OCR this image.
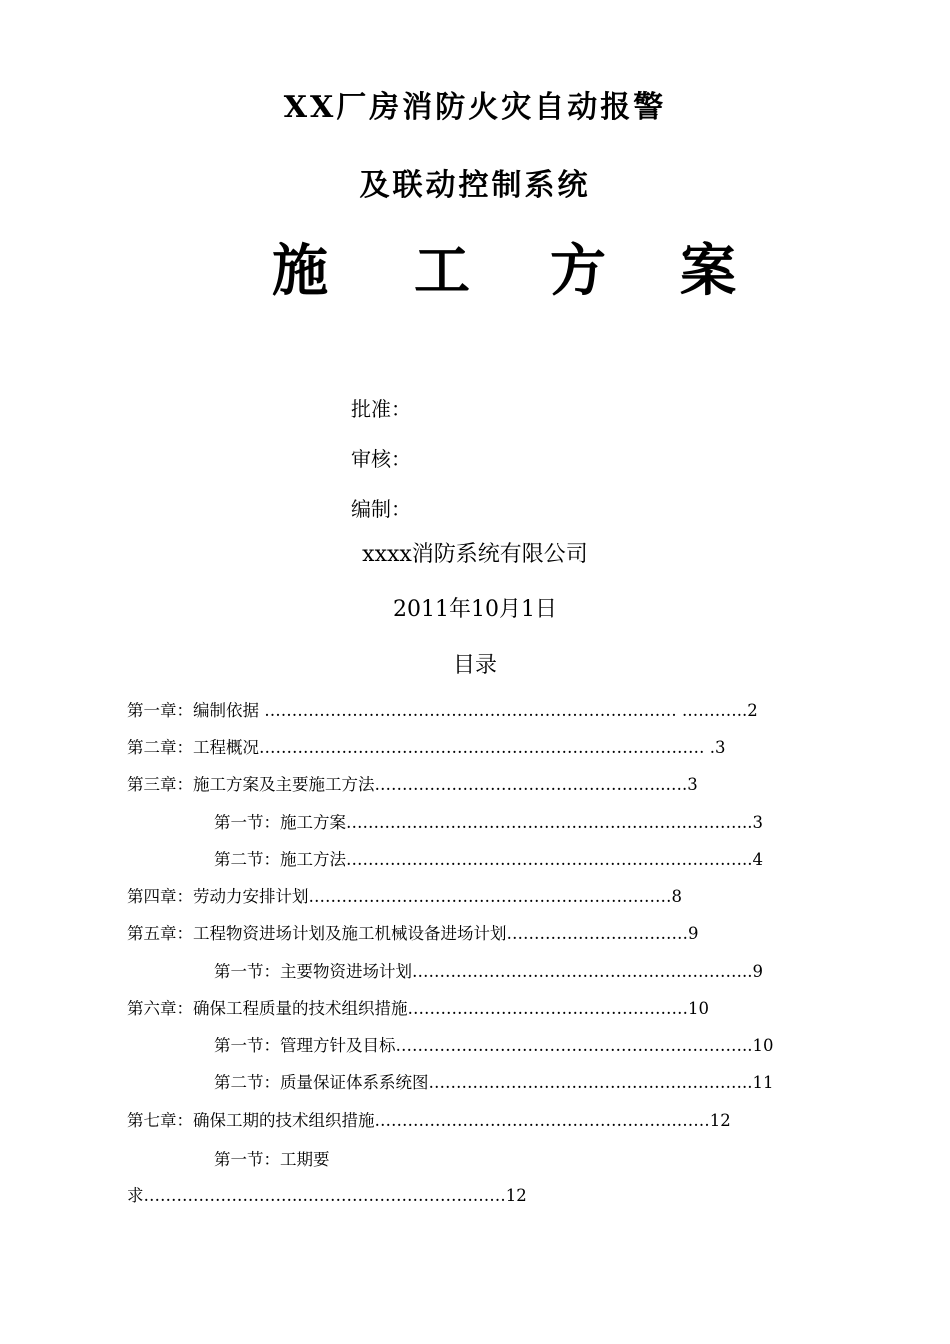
XX厂房消防火灾自动报警
及联动控制系统

施

工

方

案

批准：
审核：
编制：
xxxx消防系统有限公司
2011年10月1日
目录
第一章：编制依据 ………………………………………………………………… .………..2
第二章：工程概况……………………………………………………………………… .3
第三章：施工方案及主要施工方法……………………………………………..….3
第一节：施工方案………………………………………………………………..3
第二节：施工方法………………………………………………………………..4
第四章：劳动力安排计划…………………………………………………………8
第五章：工程物资进场计划及施工机械设备进场计划……………………………9
第一节：主要物资进场计划……………………………………………………..9
第六章：确保工程质量的技术组织措施……………………………………………10
第一节：管理方针及目标………………………………………………………..10
第二节：质量保证体系系统图…………………………………………………..11
第七章：确保工期的技术组织措施……………………………………………….……12
第一节：工期要
求………………………..………………………….……12
